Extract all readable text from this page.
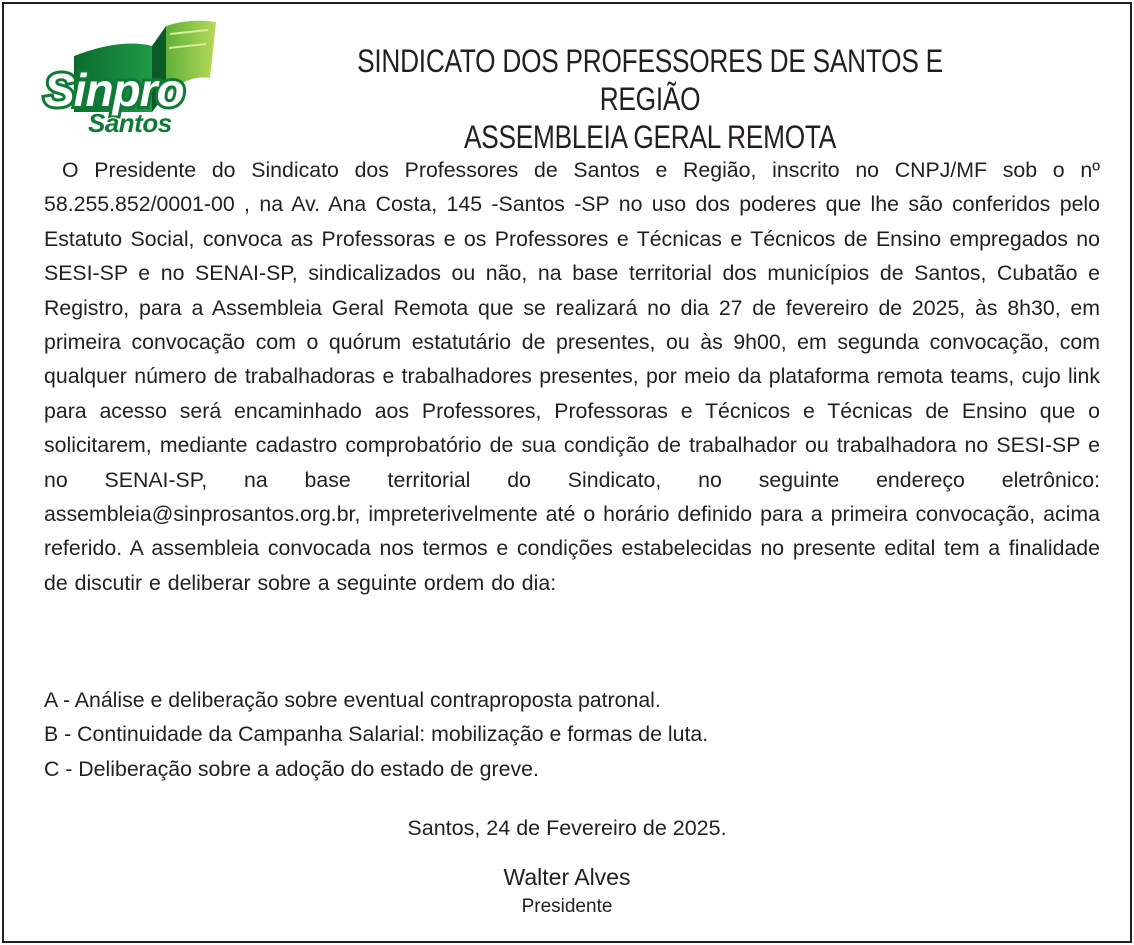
Sinpro
Santos
SINDICATO DOS PROFESSORES DE SANTOS E REGIÃO
ASSEMBLEIA GERAL REMOTA
O Presidente do Sindicato dos Professores de Santos e Região, inscrito no CNPJ/MF sob o nº 58.255.852/0001-00 , na Av. Ana Costa, 145 -Santos -SP no uso dos poderes que lhe são conferidos pelo Estatuto Social, convoca as Professoras e os Professores e Técnicas e Técnicos de Ensino empregados no SESI-SP e no SENAI-SP, sindicalizados ou não, na base territorial dos municípios de Santos, Cubatão e Registro, para a Assembleia Geral Remota que se realizará no dia 27 de fevereiro de 2025, às 8h30, em primeira convocação com o quórum estatutário de presentes, ou às 9h00, em segunda convocação, com qualquer número de trabalhadoras e trabalhadores presentes, por meio da plataforma remota teams, cujo link para acesso será encaminhado aos Professores, Professoras e Técnicos e Técnicas de Ensino que o solicitarem, mediante cadastro comprobatório de sua condição de trabalhador ou trabalhadora no SESI-SP e no SENAI-SP, na base territorial do Sindicato, no seguinte endereço eletrônico: assembleia@sinprosantos.org.br, impreterivelmente até o horário definido para a primeira convocação, acima referido. A assembleia convocada nos termos e condições estabelecidas no presente edital tem a finalidade de discutir e deliberar sobre a seguinte ordem do dia:
A - Análise e deliberação sobre eventual contraproposta patronal.
B - Continuidade da Campanha Salarial: mobilização e formas de luta.
C - Deliberação sobre a adoção do estado de greve.
Santos, 24 de Fevereiro de 2025.
Walter Alves
Presidente
